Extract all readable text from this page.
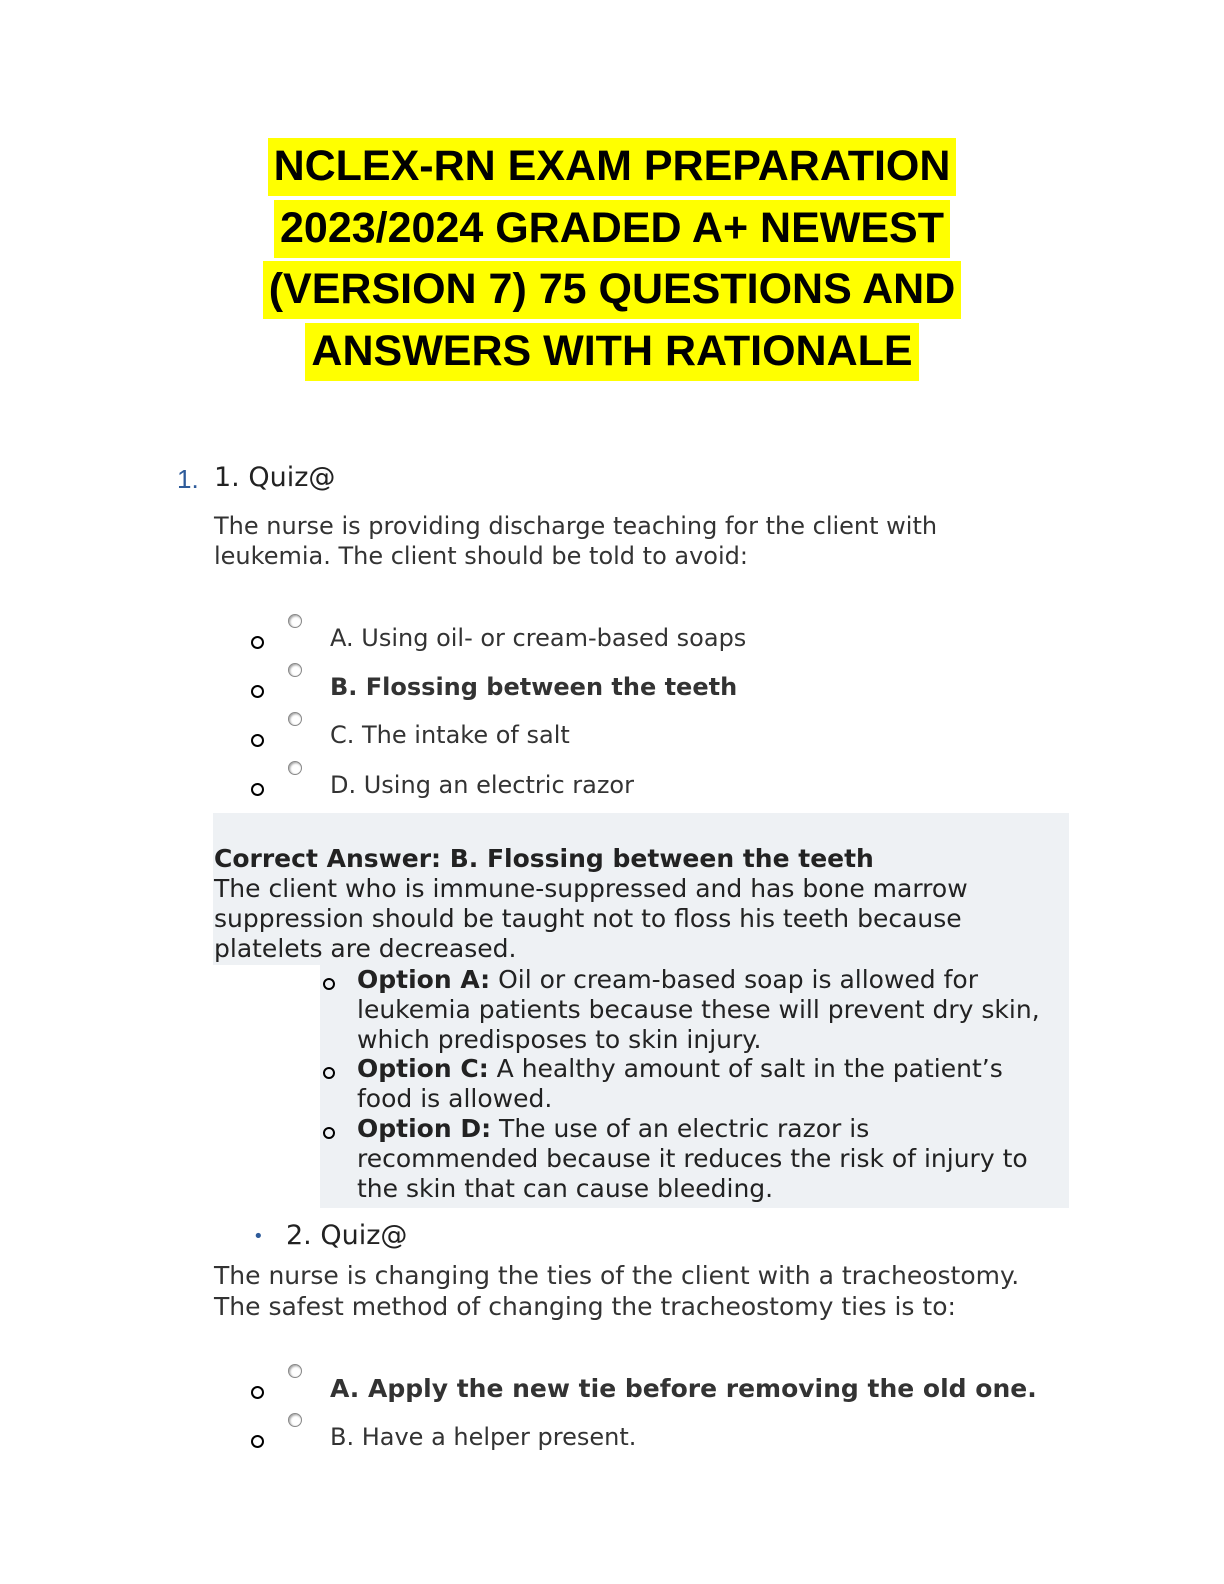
NCLEX-RN EXAM PREPARATION
2023/2024 GRADED A+ NEWEST
(VERSION 7) 75 QUESTIONS AND
ANSWERS WITH RATIONALE
1. 1. Quiz@
The nurse is providing discharge teaching for the client with
leukemia. The client should be told to avoid:
A. Using oil- or cream-based soaps
B. Flossing between the teeth
C. The intake of salt
D. Using an electric razor
Correct Answer: B. Flossing between the teeth
The client who is immune-suppressed and has bone marrow
suppression should be taught not to floss his teeth because
platelets are decreased.
Option A: Oil or cream-based soap is allowed for leukemia patients because these will prevent dry skin, which predisposes to skin injury.
Option C: A healthy amount of salt in the patient’s food is allowed.
Option D: The use of an electric razor is recommended because it reduces the risk of injury to the skin that can cause bleeding.
• 2. Quiz@
The nurse is changing the ties of the client with a tracheostomy.
The safest method of changing the tracheostomy ties is to:
A. Apply the new tie before removing the old one.
B. Have a helper present.
